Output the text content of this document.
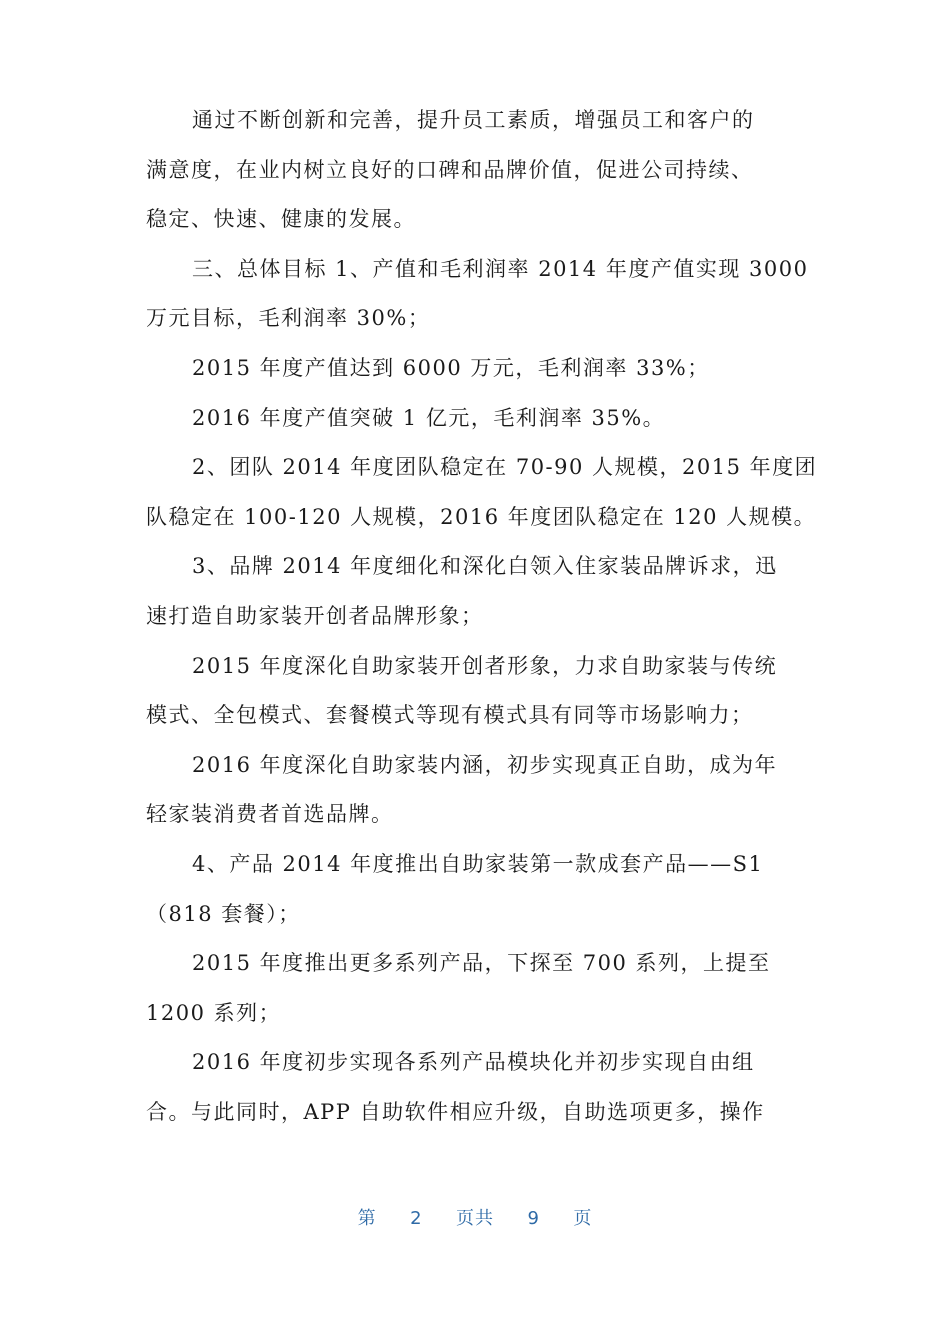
通过不断创新和完善，提升员工素质，增强员工和客户的
满意度，在业内树立良好的口碑和品牌价值，促进公司持续、
稳定、快速、健康的发展。
三、总体目标 1、产值和毛利润率 2014 年度产值实现 3000
万元目标，毛利润率 30%；
2015 年度产值达到 6000 万元，毛利润率 33%；
2016 年度产值突破 1 亿元，毛利润率 35%。
2、团队 2014 年度团队稳定在 70-90 人规模，2015 年度团
队稳定在 100-120 人规模，2016 年度团队稳定在 120 人规模。
3、品牌 2014 年度细化和深化白领入住家装品牌诉求，迅
速打造自助家装开创者品牌形象；
2015 年度深化自助家装开创者形象，力求自助家装与传统
模式、全包模式、套餐模式等现有模式具有同等市场影响力；
2016 年度深化自助家装内涵，初步实现真正自助，成为年
轻家装消费者首选品牌。
4、产品 2014 年度推出自助家装第一款成套产品——S1
（818 套餐）；
2015 年度推出更多系列产品，下探至 700 系列，上提至
1200 系列；
2016 年度初步实现各系列产品模块化并初步实现自由组
合。与此同时，APP 自助软件相应升级，自助选项更多，操作
第 2 页共 9 页
